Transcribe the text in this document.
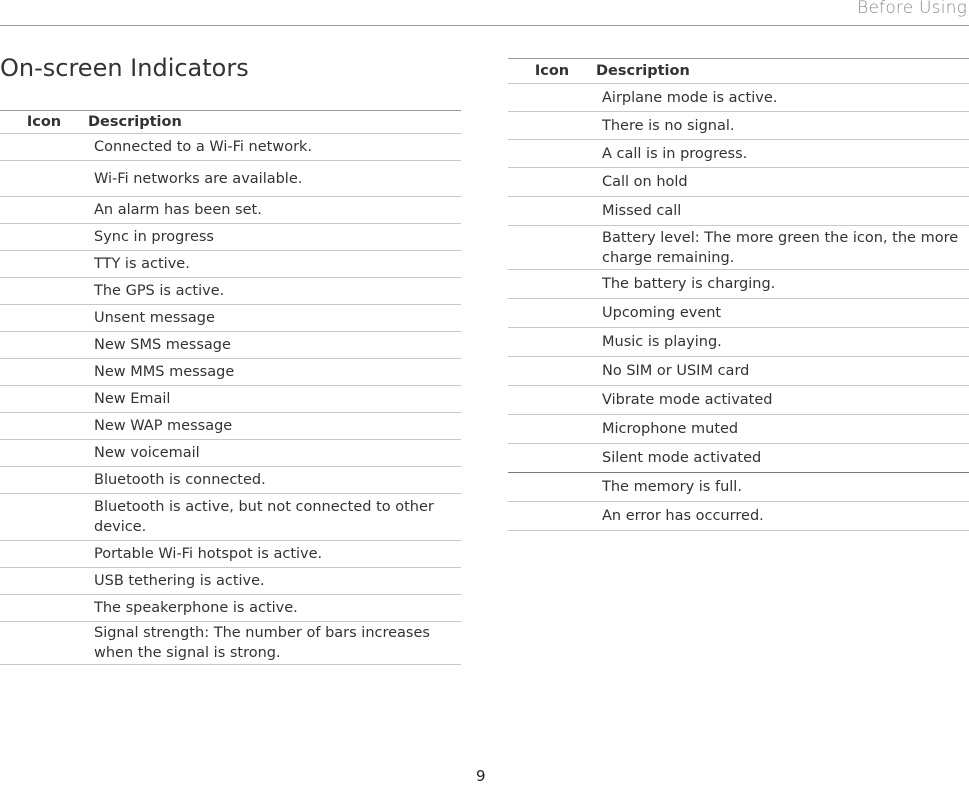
Before Using
On-screen Indicators
Icon	Description
Connected to a Wi-Fi network.
Wi-Fi networks are available.
An alarm has been set.
Sync in progress
TTY is active.
The GPS is active.
Unsent message
New SMS message
New MMS message
New Email
New WAP message
New voicemail
Bluetooth is connected.
Bluetooth is active, but not connected to other device.
Portable Wi-Fi hotspot is active.
USB tethering is active.
The speakerphone is active.
Signal strength: The number of bars increases when the signal is strong.
Icon	Description
Airplane mode is active.
There is no signal.
A call is in progress.
Call on hold
Missed call
Battery level: The more green the icon, the more charge remaining.
The battery is charging.
Upcoming event
Music is playing.
No SIM or USIM card
Vibrate mode activated
Microphone muted
Silent mode activated
The memory is full.
An error has occurred.
9
